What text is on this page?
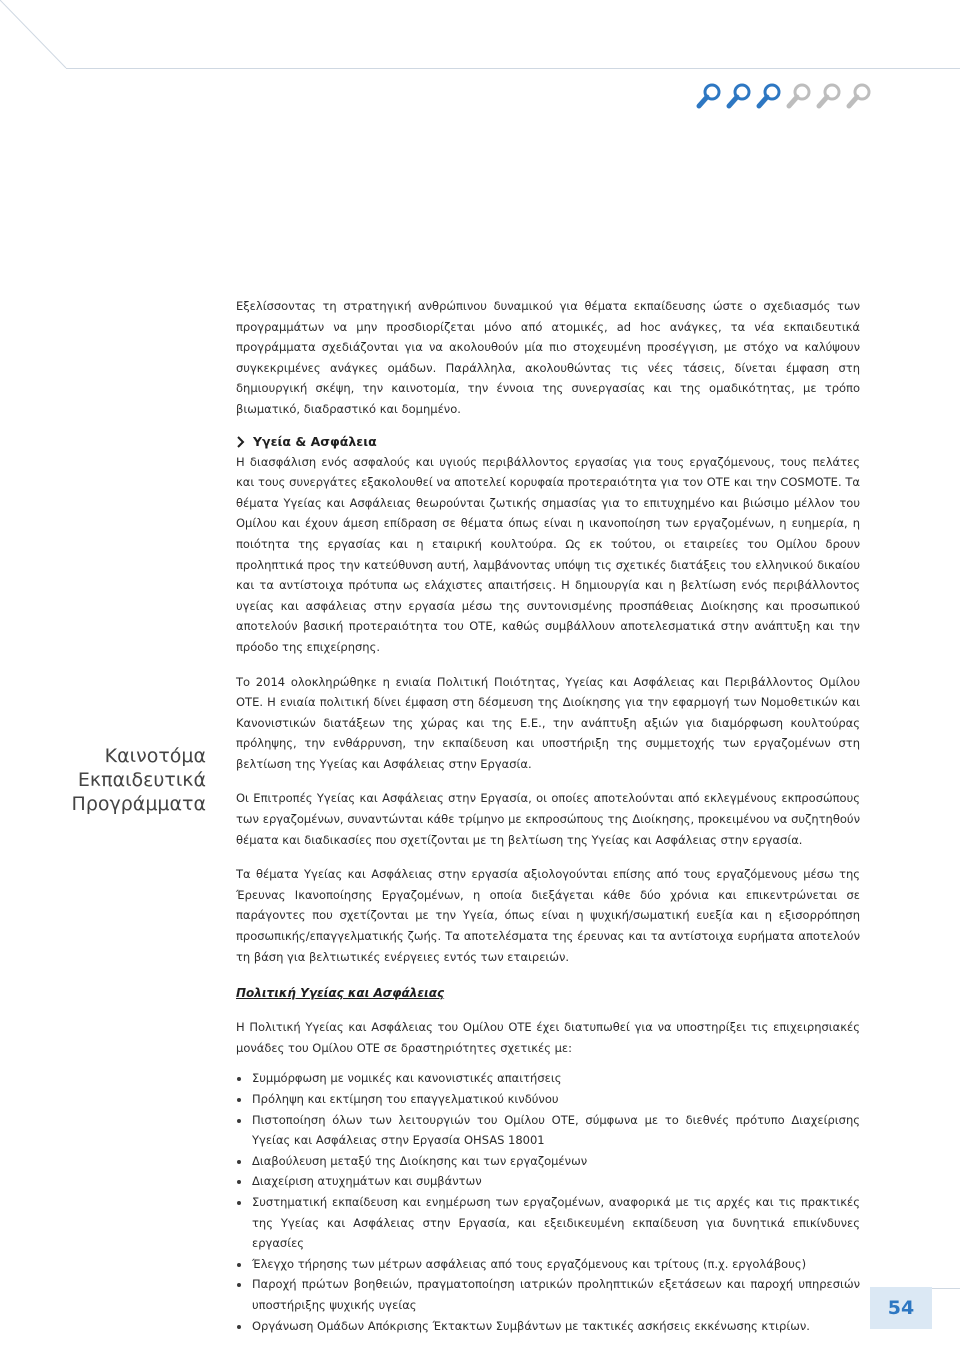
Εξελίσσοντας τη στρατηγική ανθρώπινου δυναμικού για θέματα εκπαίδευσης ώστε ο σχεδιασμός των προγραμμάτων να μην προσδιορίζεται μόνο από ατομικές, ad hoc ανάγκες, τα νέα εκπαιδευτικά προγράμματα σχεδιάζονται για να ακολουθούν μία πιο στοχευμένη προσέγγιση, με στόχο να καλύψουν συγκεκριμένες ανάγκες ομάδων. Παράλληλα, ακολουθώντας τις νέες τάσεις, δίνεται έμφαση στη δημιουργική σκέψη, την καινοτομία, την έννοια της συνεργασίας και της ομαδικότητας, με τρόπο βιωματικό, διαδραστικό και δομημένο.

Υγεία & Ασφάλεια

Η διασφάλιση ενός ασφαλούς και υγιούς περιβάλλοντος εργασίας για τους εργαζόμενους, τους πελάτες και τους συνεργάτες εξακολουθεί να αποτελεί κορυφαία προτεραιότητα για τον ΟΤΕ και την COSMOTE. Τα θέματα Υγείας και Ασφάλειας θεωρούνται ζωτικής σημασίας για το επιτυχημένο και βιώσιμο μέλλον του Ομίλου και έχουν άμεση επίδραση σε θέματα όπως είναι η ικανοποίηση των εργαζομένων, η ευημερία, η ποιότητα της εργασίας και η εταιρική κουλτούρα. Ως εκ τούτου, οι εταιρείες του Ομίλου δρουν προληπτικά προς την κατεύθυνση αυτή, λαμβάνοντας υπόψη τις σχετικές διατάξεις του ελληνικού δικαίου και τα αντίστοιχα πρότυπα ως ελάχιστες απαιτήσεις. Η δημιουργία και η βελτίωση ενός περιβάλλοντος υγείας και ασφάλειας στην εργασία μέσω της συντονισμένης προσπάθειας Διοίκησης και προσωπικού αποτελούν βασική προτεραιότητα του ΟΤΕ, καθώς συμβάλλουν αποτελεσματικά στην ανάπτυξη και την πρόοδο της επιχείρησης.

Το 2014 ολοκληρώθηκε η ενιαία Πολιτική Ποιότητας, Υγείας και Ασφάλειας και Περιβάλλοντος Ομίλου ΟΤΕ. Η ενιαία πολιτική δίνει έμφαση στη δέσμευση της Διοίκησης για την εφαρμογή των Νομοθετικών και Κανονιστικών διατάξεων της χώρας και της Ε.Ε., την ανάπτυξη αξιών για διαμόρφωση κουλτούρας πρόληψης, την ενθάρρυνση, την εκπαίδευση και υποστήριξη της συμμετοχής των εργαζομένων στη βελτίωση της Υγείας και Ασφάλειας στην Εργασία.

Οι Επιτροπές Υγείας και Ασφάλειας στην Εργασία, οι οποίες αποτελούνται από εκλεγμένους εκπροσώπους των εργαζομένων, συναντώνται κάθε τρίμηνο με εκπροσώπους της Διοίκησης, προκειμένου να συζητηθούν θέματα και διαδικασίες που σχετίζονται με τη βελτίωση της Υγείας και Ασφάλειας στην εργασία.

Τα θέματα Υγείας και Ασφάλειας στην εργασία αξιολογούνται επίσης από τους εργαζόμενους μέσω της Έρευνας Ικανοποίησης Εργαζομένων, η οποία διεξάγεται κάθε δύο χρόνια και επικεντρώνεται σε παράγοντες που σχετίζονται με την Υγεία, όπως είναι η ψυχική/σωματική ευεξία και η εξισορρόπηση προσωπικής/επαγγελματικής ζωής. Τα αποτελέσματα της έρευνας και τα αντίστοιχα ευρήματα αποτελούν τη βάση για βελτιωτικές ενέργειες εντός των εταιρειών.

Πολιτική Υγείας και Ασφάλειας

Η Πολιτική Υγείας και Ασφάλειας του Ομίλου ΟΤΕ έχει διατυπωθεί για να υποστηρίξει τις επιχειρησιακές μονάδες του Ομίλου ΟΤΕ σε δραστηριότητες σχετικές με:

Συμμόρφωση με νομικές και κανονιστικές απαιτήσεις
Πρόληψη και εκτίμηση του επαγγελματικού κινδύνου
Πιστοποίηση όλων των λειτουργιών του Ομίλου ΟΤΕ, σύμφωνα με το διεθνές πρότυπο Διαχείρισης Υγείας και Ασφάλειας στην Εργασία OHSAS 18001
Διαβούλευση μεταξύ της Διοίκησης και των εργαζομένων
Διαχείριση ατυχημάτων και συμβάντων
Συστηματική εκπαίδευση και ενημέρωση των εργαζομένων, αναφορικά με τις αρχές και τις πρακτικές της Υγείας και Ασφάλειας στην Εργασία, και εξειδικευμένη εκπαίδευση για δυνητικά επικίνδυνες εργασίες
Έλεγχο τήρησης των μέτρων ασφάλειας από τους εργαζόμενους και τρίτους (π.χ. εργολάβους)
Παροχή πρώτων βοηθειών, πραγματοποίηση ιατρικών προληπτικών εξετάσεων και παροχή υπηρεσιών υποστήριξης ψυχικής υγείας
Οργάνωση Ομάδων Απόκρισης Έκτακτων Συμβάντων με τακτικές ασκήσεις εκκένωσης κτιρίων.
Καινοτόμα
Εκπαιδευτικά
Προγράμματα
54
